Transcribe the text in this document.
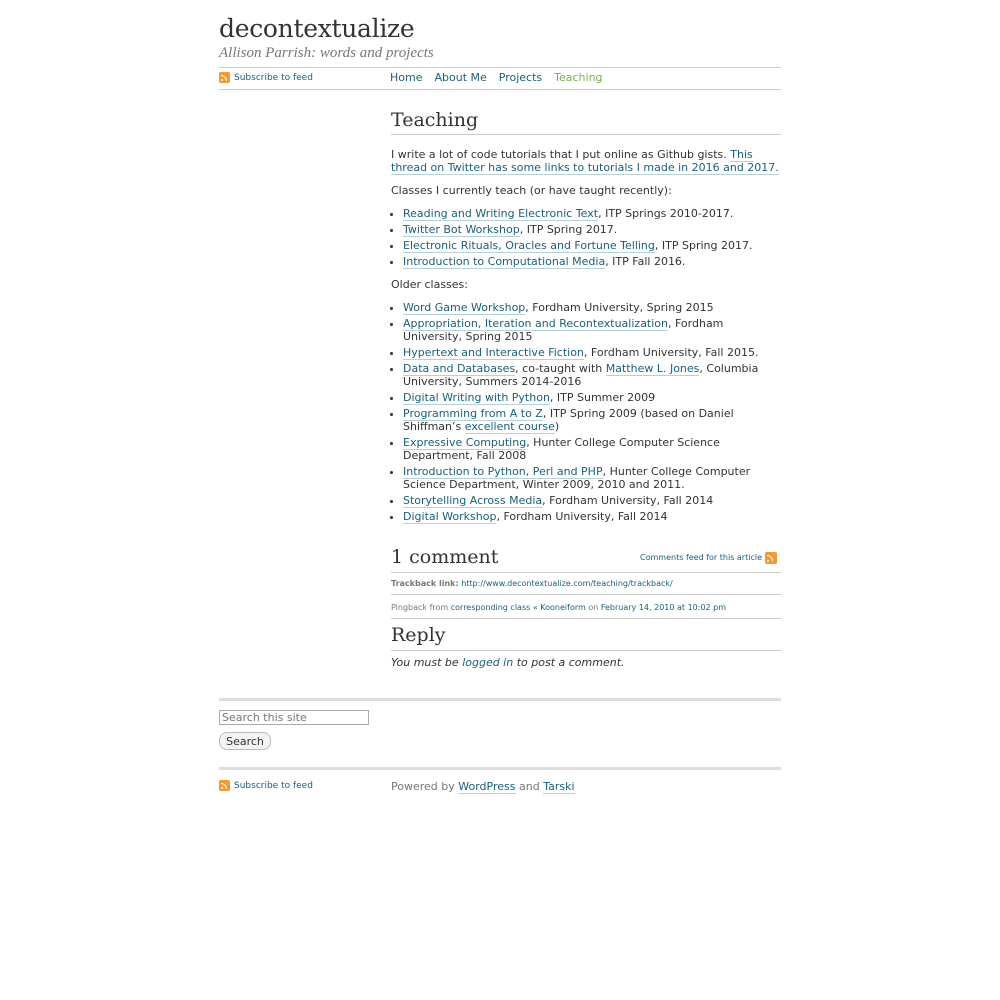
decontextualize
Allison Parrish: words and projects
Subscribe to feed	Home About Me Projects Teaching
Teaching

I write a lot of code tutorials that I put online as Github gists. This thread on Twitter has some links to tutorials I made in 2016 and 2017.

Classes I currently teach (or have taught recently):

• Reading and Writing Electronic Text, ITP Springs 2010-2017.
• Twitter Bot Workshop, ITP Spring 2017.
• Electronic Rituals, Oracles and Fortune Telling, ITP Spring 2017.
• Introduction to Computational Media, ITP Fall 2016.

Older classes:

• Word Game Workshop, Fordham University, Spring 2015
• Appropriation, Iteration and Recontextualization, Fordham University, Spring 2015
• Hypertext and Interactive Fiction, Fordham University, Fall 2015.
• Data and Databases, co-taught with Matthew L. Jones, Columbia University, Summers 2014-2016
• Digital Writing with Python, ITP Summer 2009
• Programming from A to Z, ITP Spring 2009 (based on Daniel Shiffman’s excellent course)
• Expressive Computing, Hunter College Computer Science Department, Fall 2008
• Introduction to Python, Perl and PHP, Hunter College Computer Science Department, Winter 2009, 2010 and 2011.
• Storytelling Across Media, Fordham University, Fall 2014
• Digital Workshop, Fordham University, Fall 2014
1 comment	Comments feed for this article
Trackback link: http://www.decontextualize.com/teaching/trackback/
Pingback from corresponding class « Kooneiform on February 14, 2010 at 10:02 pm
Reply

You must be logged in to post a comment.

Search this site
Search
Subscribe to feed	Powered by WordPress and Tarski
